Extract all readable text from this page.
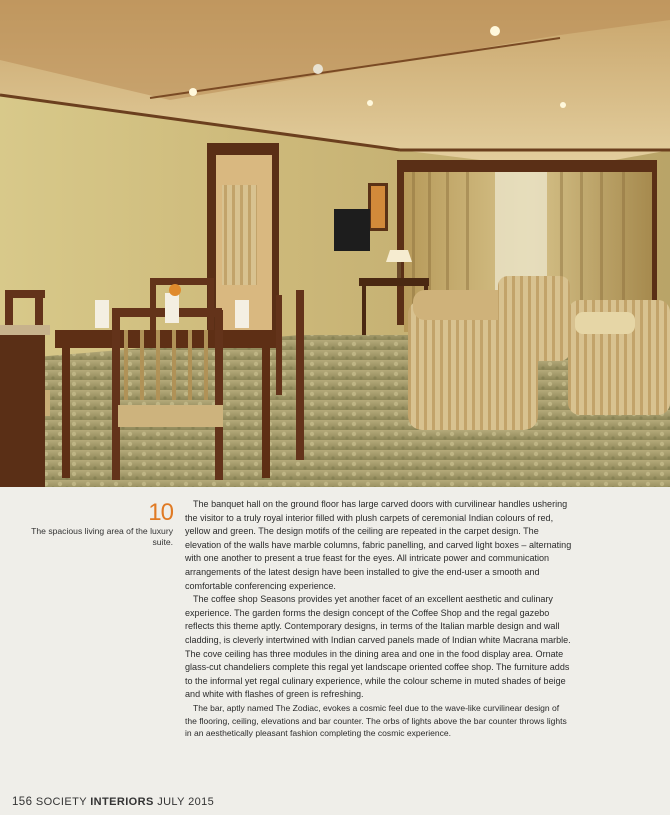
10
The spacious living area of the luxury suite.

The banquet hall on the ground floor has large carved doors with curvilinear handles ushering the visitor to a truly royal interior filled with plush carpets of ceremonial Indian colours of red, yellow and green. The design motifs of the ceiling are repeated in the carpet design. The elevation of the walls have marble columns, fabric panelling, and carved light boxes – alternating with one another to present a true feast for the eyes. All intricate power and communication arrangements of the latest design have been installed to give the end-user a smooth and comfortable conferencing experience.

The coffee shop Seasons provides yet another facet of an excellent aesthetic and culinary experience. The garden forms the design concept of the Coffee Shop and the regal gazebo reflects this theme aptly. Contemporary designs, in terms of the Italian marble design and wall cladding, is cleverly intertwined with Indian carved panels made of Indian white Macrana marble. The cove ceiling has three modules in the dining area and one in the food display area. Ornate glass-cut chandeliers complete this regal yet landscape oriented coffee shop. The furniture adds to the informal yet regal culinary experience, while the colour scheme in muted shades of beige and white with flashes of green is refreshing.

The bar, aptly named The Zodiac, evokes a cosmic feel due to the wave-like curvilinear design of the flooring, ceiling, elevations and bar counter. The orbs of lights above the bar counter throws lights in an aesthetically pleasant fashion completing the cosmic experience.

156 SOCIETY INTERIORS JULY 2015
